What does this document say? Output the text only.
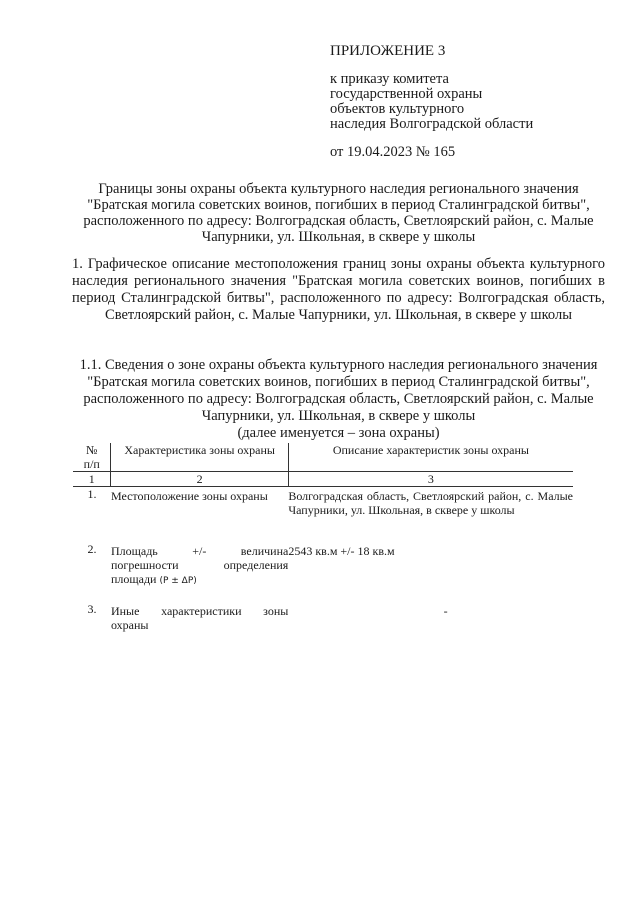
ПРИЛОЖЕНИЕ 3
к приказу комитета
государственной охраны
объектов культурного
наследия Волгоградской области
от 19.04.2023 № 165
Границы зоны охраны объекта культурного наследия регионального значения "Братская могила советских воинов, погибших в период Сталинградской битвы", расположенного по адресу: Волгоградская область, Светлоярский район, с. Малые Чапурники, ул. Школьная, в сквере у школы
1. Графическое описание местоположения границ зоны охраны объекта культурного наследия регионального значения "Братская могила советских воинов, погибших в период Сталинградской битвы", расположенного по адресу: Волгоградская область, Светлоярский район, с. Малые Чапурники, ул. Школьная, в сквере у школы
1.1. Сведения о зоне охраны объекта культурного наследия регионального значения "Братская могила советских воинов, погибших в период Сталинградской битвы", расположенного по адресу: Волгоградская область, Светлоярский район, с. Малые Чапурники, ул. Школьная, в сквере у школы
(далее именуется – зона охраны)
№
п/п	Характеристика зоны охраны	Описание характеристик зоны охраны
1	2	3
1.	Местоположение зоны охраны	Волгоградская область, Светлоярский район, с. Малые Чапурники, ул. Школьная, в сквере у школы
2.	Площадь +/- величина погрешности определения площади (P ± ΔP)	2543 кв.м +/- 18 кв.м
3.	Иные характеристики зоны охраны	-
